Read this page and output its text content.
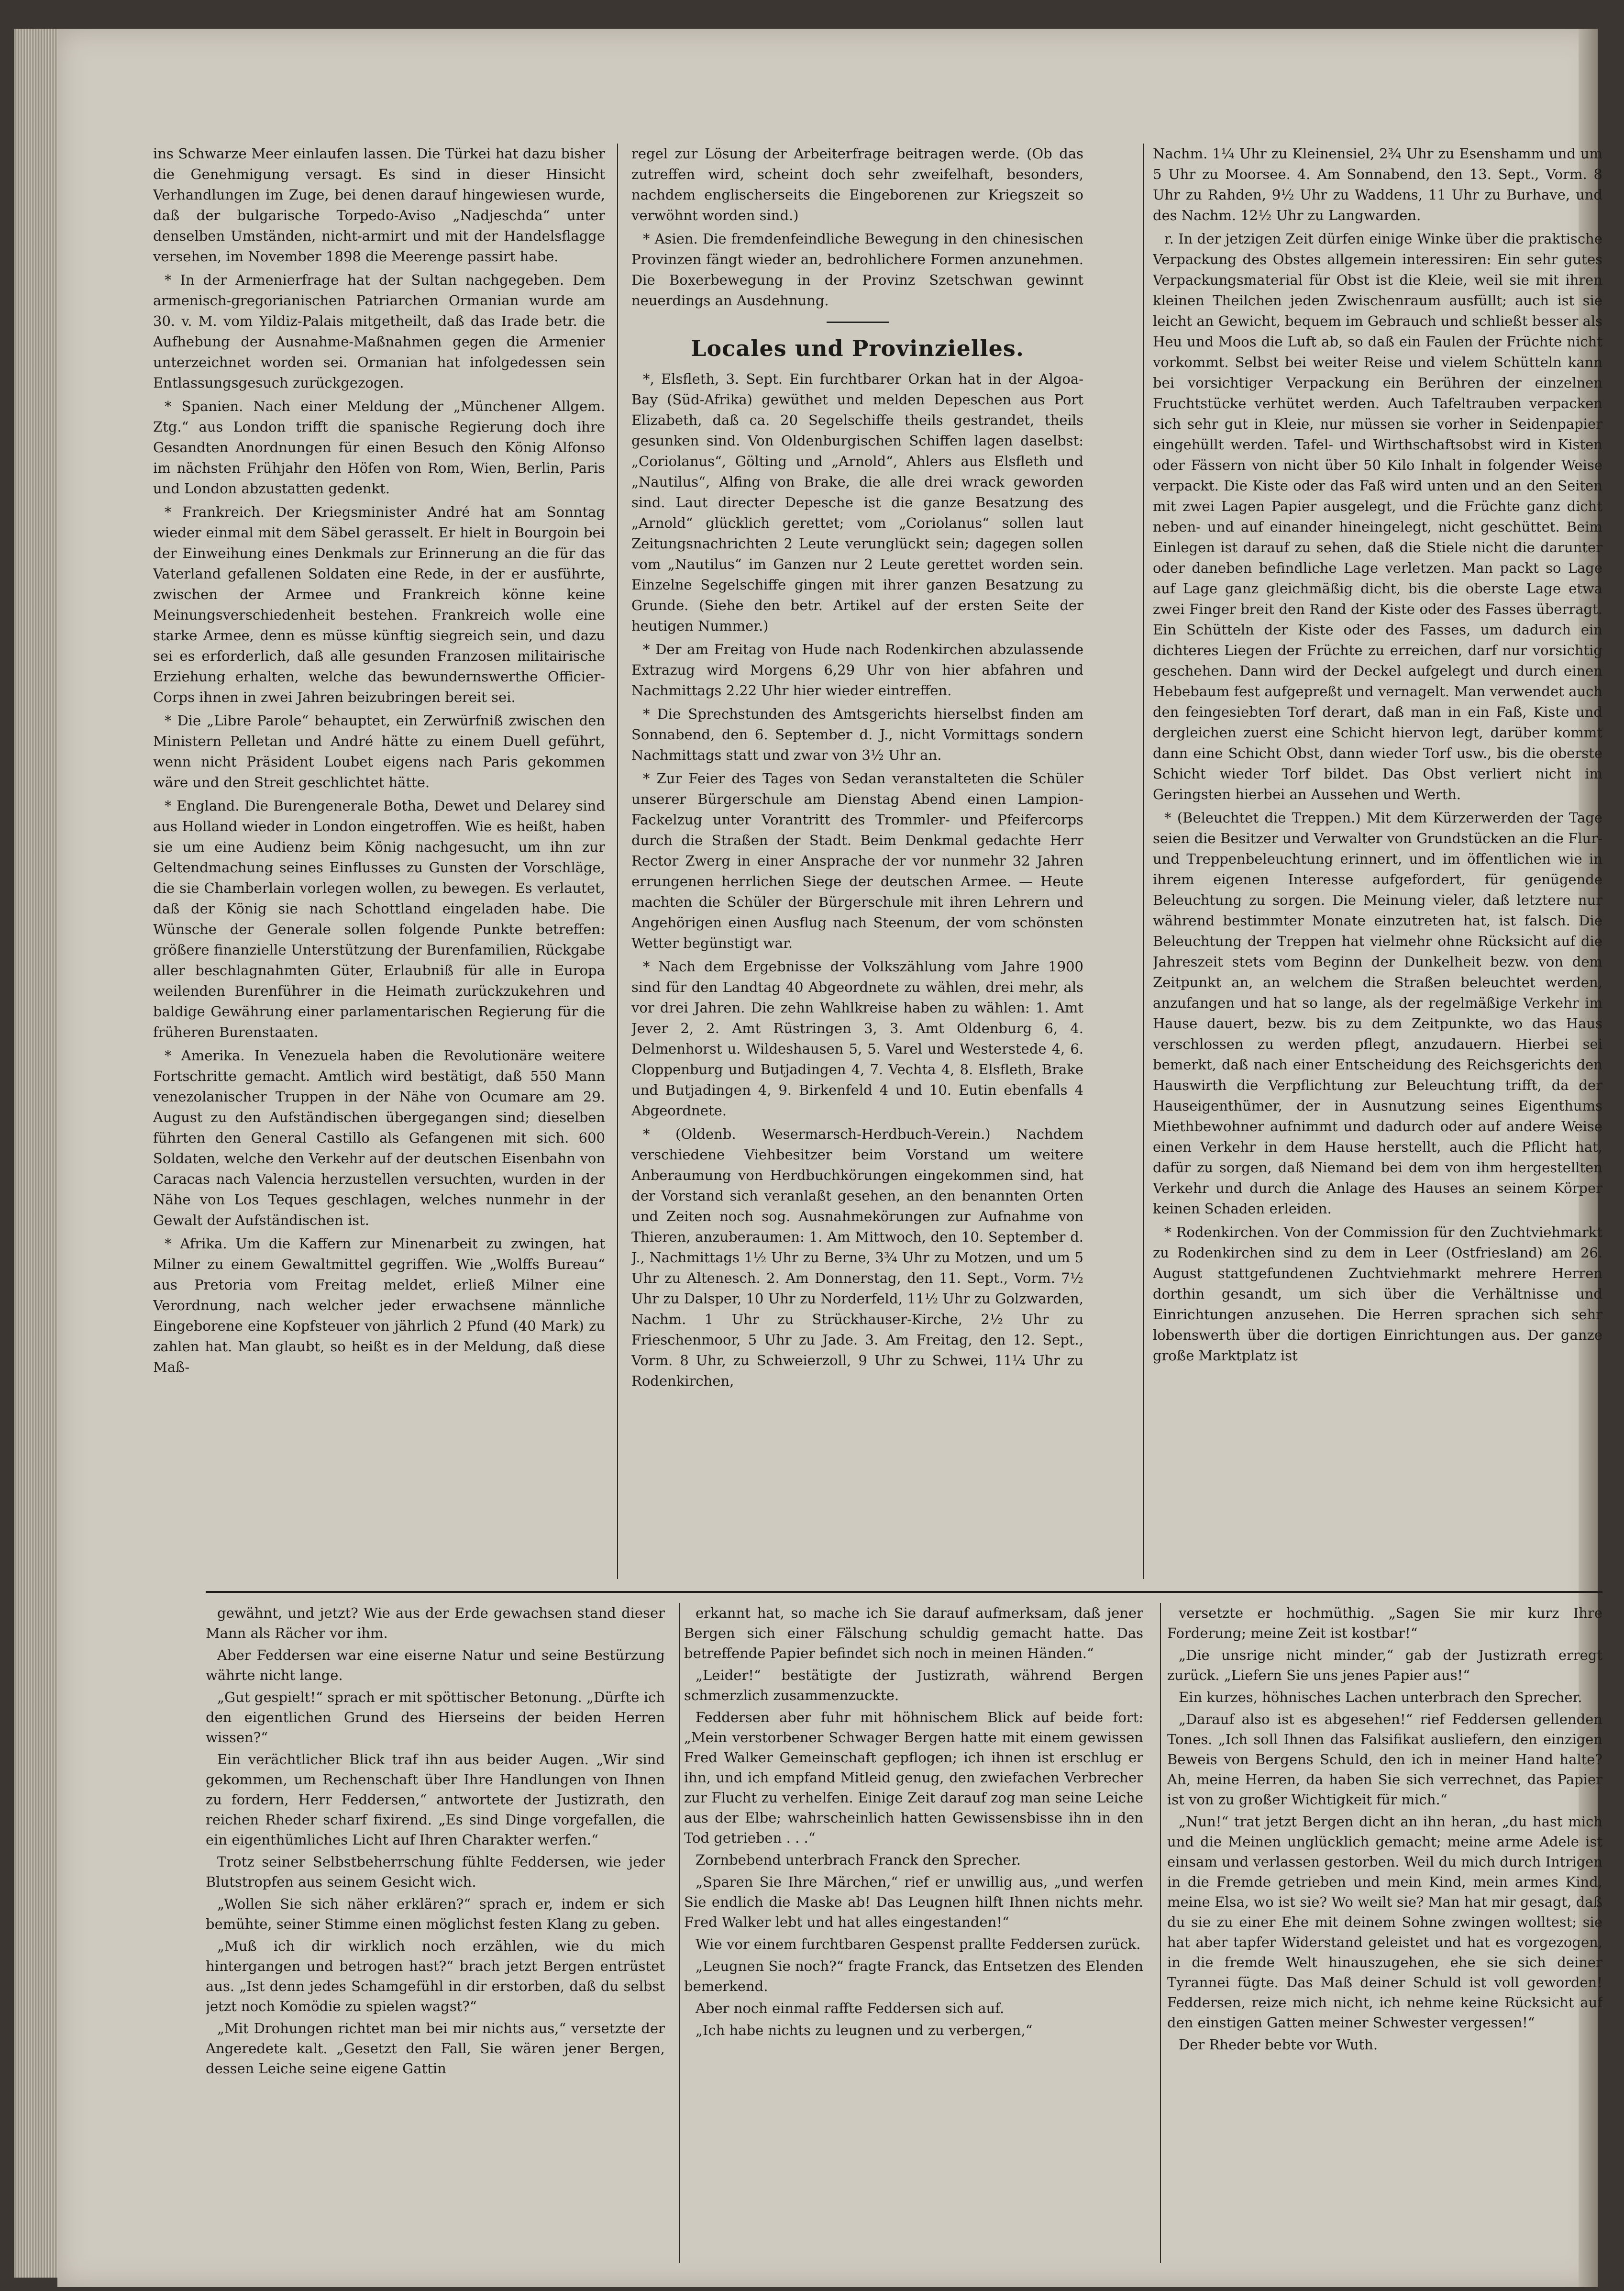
ins Schwarze Meer einlaufen lassen. Die Türkei hat dazu bisher die Genehmigung versagt. Es sind in dieser Hinsicht Verhandlungen im Zuge, bei denen darauf hingewiesen wurde, daß der bulgarische Torpedo-Aviso „Nadjeschda“ unter denselben Umständen, nicht-armirt und mit der Handelsflagge versehen, im November 1898 die Meerenge passirt habe.

* In der Armenierfrage hat der Sultan nachgegeben. Dem armenisch-gregorianischen Patriarchen Ormanian wurde am 30. v. M. vom Yildiz-Palais mitgetheilt, daß das Irade betr. die Aufhebung der Ausnahme-Maßnahmen gegen die Armenier unterzeichnet worden sei. Ormanian hat infolgedessen sein Entlassungsgesuch zurückgezogen.

* Spanien. Nach einer Meldung der „Münchener Allgem. Ztg.“ aus London trifft die spanische Regierung doch ihre Gesandten Anordnungen für einen Besuch den König Alfonso im nächsten Frühjahr den Höfen von Rom, Wien, Berlin, Paris und London abzustatten gedenkt.

* Frankreich. Der Kriegsminister André hat am Sonntag wieder einmal mit dem Säbel gerasselt. Er hielt in Bourgoin bei der Einweihung eines Denkmals zur Erinnerung an die für das Vaterland gefallenen Soldaten eine Rede, in der er ausführte, zwischen der Armee und Frankreich könne keine Meinungsverschiedenheit bestehen. Frankreich wolle eine starke Armee, denn es müsse künftig siegreich sein, und dazu sei es erforderlich, daß alle gesunden Franzosen militairische Erziehung erhalten, welche das bewundernswerthe Officier-Corps ihnen in zwei Jahren beizubringen bereit sei.

* Die „Libre Parole“ behauptet, ein Zerwürfniß zwischen den Ministern Pelletan und André hätte zu einem Duell geführt, wenn nicht Präsident Loubet eigens nach Paris gekommen wäre und den Streit geschlichtet hätte.

* England. Die Burengenerale Botha, Dewet und Delarey sind aus Holland wieder in London eingetroffen. Wie es heißt, haben sie um eine Audienz beim König nachgesucht, um ihn zur Geltendmachung seines Einflusses zu Gunsten der Vorschläge, die sie Chamberlain vorlegen wollen, zu bewegen. Es verlautet, daß der König sie nach Schottland eingeladen habe. Die Wünsche der Generale sollen folgende Punkte betreffen: größere finanzielle Unterstützung der Burenfamilien, Rückgabe aller beschlagnahmten Güter, Erlaubniß für alle in Europa weilenden Burenführer in die Heimath zurückzukehren und baldige Gewährung einer parlamentarischen Regierung für die früheren Burenstaaten.

* Amerika. In Venezuela haben die Revolutionäre weitere Fortschritte gemacht. Amtlich wird bestätigt, daß 550 Mann venezolanischer Truppen in der Nähe von Ocumare am 29. August zu den Aufständischen übergegangen sind; dieselben führten den General Castillo als Gefangenen mit sich. 600 Soldaten, welche den Verkehr auf der deutschen Eisenbahn von Caracas nach Valencia herzustellen versuchten, wurden in der Nähe von Los Teques geschlagen, welches nunmehr in der Gewalt der Aufständischen ist.

* Afrika. Um die Kaffern zur Minenarbeit zu zwingen, hat Milner zu einem Gewaltmittel gegriffen. Wie „Wolffs Bureau“ aus Pretoria vom Freitag meldet, erließ Milner eine Verordnung, nach welcher jeder erwachsene männliche Eingeborene eine Kopfsteuer von jährlich 2 Pfund (40 Mark) zu zahlen hat. Man glaubt, so heißt es in der Meldung, daß diese Maß-

regel zur Lösung der Arbeiterfrage beitragen werde. (Ob das zutreffen wird, scheint doch sehr zweifelhaft, besonders, nachdem englischerseits die Eingeborenen zur Kriegszeit so verwöhnt worden sind.)

* Asien. Die fremdenfeindliche Bewegung in den chinesischen Provinzen fängt wieder an, bedrohlichere Formen anzunehmen. Die Boxerbewegung in der Provinz Szetschwan gewinnt neuerdings an Ausdehnung.

Locales und Provinzielles.

*, Elsfleth, 3. Sept. Ein furchtbarer Orkan hat in der Algoa-Bay (Süd-Afrika) gewüthet und melden Depeschen aus Port Elizabeth, daß ca. 20 Segelschiffe theils gestrandet, theils gesunken sind. Von Oldenburgischen Schiffen lagen daselbst: „Coriolanus“, Gölting und „Arnold“, Ahlers aus Elsfleth und „Nautilus“, Alfing von Brake, die alle drei wrack geworden sind. Laut directer Depesche ist die ganze Besatzung des „Arnold“ glücklich gerettet; vom „Coriolanus“ sollen laut Zeitungsnachrichten 2 Leute verunglückt sein; dagegen sollen vom „Nautilus“ im Ganzen nur 2 Leute gerettet worden sein. Einzelne Segelschiffe gingen mit ihrer ganzen Besatzung zu Grunde. (Siehe den betr. Artikel auf der ersten Seite der heutigen Nummer.)

* Der am Freitag von Hude nach Rodenkirchen abzulassende Extrazug wird Morgens 6,29 Uhr von hier abfahren und Nachmittags 2.22 Uhr hier wieder eintreffen.

* Die Sprechstunden des Amtsgerichts hierselbst finden am Sonnabend, den 6. September d. J., nicht Vormittags sondern Nachmittags statt und zwar von 3½ Uhr an.

* Zur Feier des Tages von Sedan veranstalteten die Schüler unserer Bürgerschule am Dienstag Abend einen Lampion-Fackelzug unter Vorantritt des Trommler- und Pfeifercorps durch die Straßen der Stadt. Beim Denkmal gedachte Herr Rector Zwerg in einer Ansprache der vor nunmehr 32 Jahren errungenen herrlichen Siege der deutschen Armee. — Heute machten die Schüler der Bürgerschule mit ihren Lehrern und Angehörigen einen Ausflug nach Steenum, der vom schönsten Wetter begünstigt war.

* Nach dem Ergebnisse der Volkszählung vom Jahre 1900 sind für den Landtag 40 Abgeordnete zu wählen, drei mehr, als vor drei Jahren. Die zehn Wahlkreise haben zu wählen: 1. Amt Jever 2, 2. Amt Rüstringen 3, 3. Amt Oldenburg 6, 4. Delmenhorst u. Wildeshausen 5, 5. Varel und Westerstede 4, 6. Cloppenburg und Butjadingen 4, 7. Vechta 4, 8. Elsfleth, Brake und Butjadingen 4, 9. Birkenfeld 4 und 10. Eutin ebenfalls 4 Abgeordnete.

* (Oldenb. Wesermarsch-Herdbuch-Verein.) Nachdem verschiedene Viehbesitzer beim Vorstand um weitere Anberaumung von Herdbuchkörungen eingekommen sind, hat der Vorstand sich veranlaßt gesehen, an den benannten Orten und Zeiten noch sog. Ausnahmekörungen zur Aufnahme von Thieren, anzuberaumen: 1. Am Mittwoch, den 10. September d. J., Nachmittags 1½ Uhr zu Berne, 3¾ Uhr zu Motzen, und um 5 Uhr zu Altenesch. 2. Am Donnerstag, den 11. Sept., Vorm. 7½ Uhr zu Dalsper, 10 Uhr zu Norderfeld, 11½ Uhr zu Golzwarden, Nachm. 1 Uhr zu Strückhauser-Kirche, 2½ Uhr zu Frieschenmoor, 5 Uhr zu Jade. 3. Am Freitag, den 12. Sept., Vorm. 8 Uhr, zu Schweierzoll, 9 Uhr zu Schwei, 11¼ Uhr zu Rodenkirchen,

Nachm. 1¼ Uhr zu Kleinensiel, 2¾ Uhr zu Esenshamm und um 5 Uhr zu Moorsee. 4. Am Sonnabend, den 13. Sept., Vorm. 8 Uhr zu Rahden, 9½ Uhr zu Waddens, 11 Uhr zu Burhave, und des Nachm. 12½ Uhr zu Langwarden.

r. In der jetzigen Zeit dürfen einige Winke über die praktische Verpackung des Obstes allgemein interessiren: Ein sehr gutes Verpackungsmaterial für Obst ist die Kleie, weil sie mit ihren kleinen Theilchen jeden Zwischenraum ausfüllt; auch ist sie leicht an Gewicht, bequem im Gebrauch und schließt besser als Heu und Moos die Luft ab, so daß ein Faulen der Früchte nicht vorkommt. Selbst bei weiter Reise und vielem Schütteln kann bei vorsichtiger Verpackung ein Berühren der einzelnen Fruchtstücke verhütet werden. Auch Tafeltrauben verpacken sich sehr gut in Kleie, nur müssen sie vorher in Seidenpapier eingehüllt werden. Tafel- und Wirthschaftsobst wird in Kisten oder Fässern von nicht über 50 Kilo Inhalt in folgender Weise verpackt. Die Kiste oder das Faß wird unten und an den Seiten mit zwei Lagen Papier ausgelegt, und die Früchte ganz dicht neben- und auf einander hineingelegt, nicht geschüttet. Beim Einlegen ist darauf zu sehen, daß die Stiele nicht die darunter oder daneben befindliche Lage verletzen. Man packt so Lage auf Lage ganz gleichmäßig dicht, bis die oberste Lage etwa zwei Finger breit den Rand der Kiste oder des Fasses überragt. Ein Schütteln der Kiste oder des Fasses, um dadurch ein dichteres Liegen der Früchte zu erreichen, darf nur vorsichtig geschehen. Dann wird der Deckel aufgelegt und durch einen Hebebaum fest aufgepreßt und vernagelt. Man verwendet auch den feingesiebten Torf derart, daß man in ein Faß, Kiste und dergleichen zuerst eine Schicht hiervon legt, darüber kommt dann eine Schicht Obst, dann wieder Torf usw., bis die oberste Schicht wieder Torf bildet. Das Obst verliert nicht im Geringsten hierbei an Aussehen und Werth.

* (Beleuchtet die Treppen.) Mit dem Kürzerwerden der Tage seien die Besitzer und Verwalter von Grundstücken an die Flur- und Treppenbeleuchtung erinnert, und im öffentlichen wie in ihrem eigenen Interesse aufgefordert, für genügende Beleuchtung zu sorgen. Die Meinung vieler, daß letztere nur während bestimmter Monate einzutreten hat, ist falsch. Die Beleuchtung der Treppen hat vielmehr ohne Rücksicht auf die Jahreszeit stets vom Beginn der Dunkelheit bezw. von dem Zeitpunkt an, an welchem die Straßen beleuchtet werden, anzufangen und hat so lange, als der regelmäßige Verkehr im Hause dauert, bezw. bis zu dem Zeitpunkte, wo das Haus verschlossen zu werden pflegt, anzudauern. Hierbei sei bemerkt, daß nach einer Entscheidung des Reichsgerichts den Hauswirth die Verpflichtung zur Beleuchtung trifft, da der Hauseigenthümer, der in Ausnutzung seines Eigenthums Miethbewohner aufnimmt und dadurch oder auf andere Weise einen Verkehr in dem Hause herstellt, auch die Pflicht hat, dafür zu sorgen, daß Niemand bei dem von ihm hergestellten Verkehr und durch die Anlage des Hauses an seinem Körper keinen Schaden erleiden.

* Rodenkirchen. Von der Commission für den Zuchtviehmarkt zu Rodenkirchen sind zu dem in Leer (Ostfriesland) am 26. August stattgefundenen Zuchtviehmarkt mehrere Herren dorthin gesandt, um sich über die Verhältnisse und Einrichtungen anzusehen. Die Herren sprachen sich sehr lobenswerth über die dortigen Einrichtungen aus. Der ganze große Marktplatz ist

gewähnt, und jetzt? Wie aus der Erde gewachsen stand dieser Mann als Rächer vor ihm.

Aber Feddersen war eine eiserne Natur und seine Bestürzung währte nicht lange.

„Gut gespielt!“ sprach er mit spöttischer Betonung. „Dürfte ich den eigentlichen Grund des Hierseins der beiden Herren wissen?“

Ein verächtlicher Blick traf ihn aus beider Augen. „Wir sind gekommen, um Rechenschaft über Ihre Handlungen von Ihnen zu fordern, Herr Feddersen,“ antwortete der Justizrath, den reichen Rheder scharf fixirend. „Es sind Dinge vorgefallen, die ein eigenthümliches Licht auf Ihren Charakter werfen.“

Trotz seiner Selbstbeherrschung fühlte Feddersen, wie jeder Blutstropfen aus seinem Gesicht wich.

„Wollen Sie sich näher erklären?“ sprach er, indem er sich bemühte, seiner Stimme einen möglichst festen Klang zu geben.

„Muß ich dir wirklich noch erzählen, wie du mich hintergangen und betrogen hast?“ brach jetzt Bergen entrüstet aus. „Ist denn jedes Schamgefühl in dir erstorben, daß du selbst jetzt noch Komödie zu spielen wagst?“

„Mit Drohungen richtet man bei mir nichts aus,“ versetzte der Angeredete kalt. „Gesetzt den Fall, Sie wären jener Bergen, dessen Leiche seine eigene Gattin

erkannt hat, so mache ich Sie darauf aufmerksam, daß jener Bergen sich einer Fälschung schuldig gemacht hatte. Das betreffende Papier befindet sich noch in meinen Händen.“

„Leider!“ bestätigte der Justizrath, während Bergen schmerzlich zusammenzuckte.

Feddersen aber fuhr mit höhnischem Blick auf beide fort: „Mein verstorbener Schwager Bergen hatte mit einem gewissen Fred Walker Gemeinschaft gepflogen; ich ihnen ist erschlug er ihn, und ich empfand Mitleid genug, den zwiefachen Verbrecher zur Flucht zu verhelfen. Einige Zeit darauf zog man seine Leiche aus der Elbe; wahrscheinlich hatten Gewissensbisse ihn in den Tod getrieben . . .“

Zornbebend unterbrach Franck den Sprecher.

„Sparen Sie Ihre Märchen,“ rief er unwillig aus, „und werfen Sie endlich die Maske ab! Das Leugnen hilft Ihnen nichts mehr. Fred Walker lebt und hat alles eingestanden!“

Wie vor einem furchtbaren Gespenst prallte Feddersen zurück.

„Leugnen Sie noch?“ fragte Franck, das Entsetzen des Elenden bemerkend.

Aber noch einmal raffte Feddersen sich auf.

„Ich habe nichts zu leugnen und zu verbergen,“

versetzte er hochmüthig. „Sagen Sie mir kurz Ihre Forderung; meine Zeit ist kostbar!“

„Die unsrige nicht minder,“ gab der Justizrath erregt zurück. „Liefern Sie uns jenes Papier aus!“

Ein kurzes, höhnisches Lachen unterbrach den Sprecher.

„Darauf also ist es abgesehen!“ rief Feddersen gellenden Tones. „Ich soll Ihnen das Falsifikat ausliefern, den einzigen Beweis von Bergens Schuld, den ich in meiner Hand halte? Ah, meine Herren, da haben Sie sich verrechnet, das Papier ist von zu großer Wichtigkeit für mich.“

„Nun!“ trat jetzt Bergen dicht an ihn heran, „du hast mich und die Meinen unglücklich gemacht; meine arme Adele ist einsam und verlassen gestorben. Weil du mich durch Intrigen in die Fremde getrieben und mein Kind, mein armes Kind, meine Elsa, wo ist sie? Wo weilt sie? Man hat mir gesagt, daß du sie zu einer Ehe mit deinem Sohne zwingen wolltest; sie hat aber tapfer Widerstand geleistet und hat es vorgezogen, in die fremde Welt hinauszugehen, ehe sie sich deiner Tyrannei fügte. Das Maß deiner Schuld ist voll geworden! Feddersen, reize mich nicht, ich nehme keine Rücksicht auf den einstigen Gatten meiner Schwester vergessen!“

Der Rheder bebte vor Wuth.
